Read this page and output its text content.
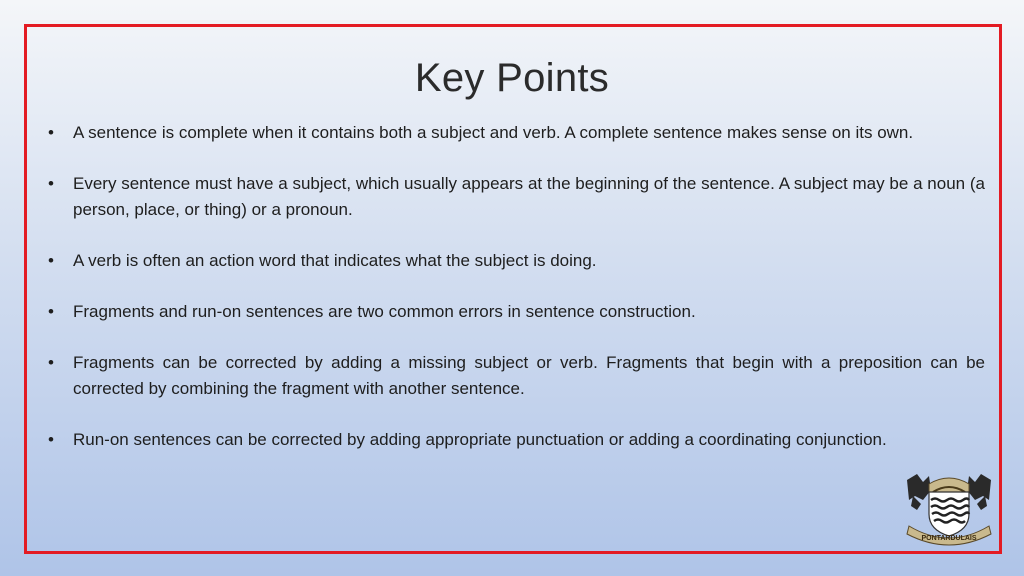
Key Points
•	A sentence is complete when it contains both a subject and verb. A complete sentence makes sense on its own.
•	Every sentence must have a subject, which usually appears at the beginning of the sentence. A subject may be a noun (a person, place, or thing) or a pronoun.
•	A verb is often an action word that indicates what the subject is doing.
•	Fragments and run-on sentences are two common errors in sentence construction.
•	Fragments can be corrected by adding a missing subject or verb. Fragments that begin with a preposition can be corrected by combining the fragment with another sentence.
•	Run-on sentences can be corrected by adding appropriate punctuation or adding a coordinating conjunction.
PONTARDULAIS
